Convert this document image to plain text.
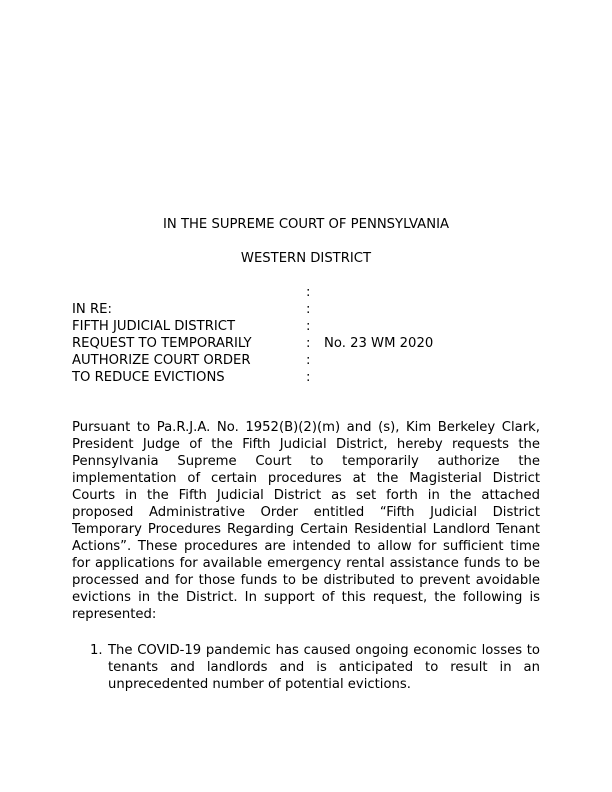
IN THE SUPREME COURT OF PENNSYLVANIA
WESTERN DISTRICT
:
IN RE:	:
FIFTH JUDICIAL DISTRICT	:
REQUEST TO TEMPORARILY	: No. 23 WM 2020
AUTHORIZE COURT ORDER	:
TO REDUCE EVICTIONS	:

Pursuant to Pa.R.J.A. No. 1952(B)(2)(m) and (s), Kim Berkeley Clark, President Judge of the Fifth Judicial District, hereby requests the Pennsylvania Supreme Court to temporarily authorize the implementation of certain procedures at the Magisterial District Courts in the Fifth Judicial District as set forth in the attached proposed Administrative Order entitled “Fifth Judicial District Temporary Procedures Regarding Certain Residential Landlord Tenant Actions”. These procedures are intended to allow for sufficient time for applications for available emergency rental assistance funds to be processed and for those funds to be distributed to prevent avoidable evictions in the District. In support of this request, the following is represented:

1. The COVID-19 pandemic has caused ongoing economic losses to tenants and landlords and is anticipated to result in an unprecedented number of potential evictions.
